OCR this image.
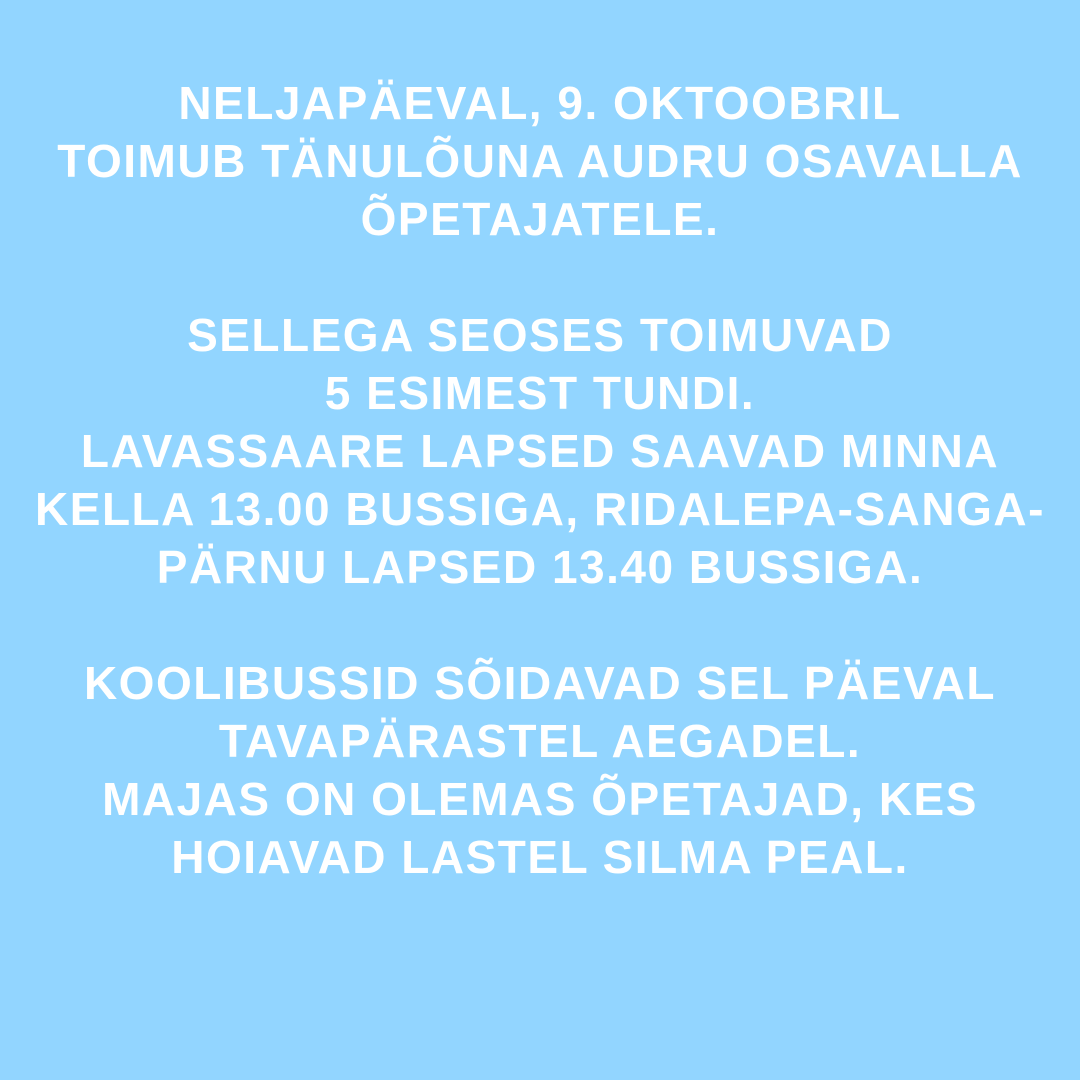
NELJAPÄEVAL, 9. OKTOOBRIL
TOIMUB TÄNULÕUNA AUDRU OSAVALLA
ÕPETAJATELE.
SELLEGA SEOSES TOIMUVAD
5 ESIMEST TUNDI.
LAVASSAARE LAPSED SAAVAD MINNA
KELLA 13.00 BUSSIGA, RIDALEPA-SANGA-
PÄRNU LAPSED 13.40 BUSSIGA.
KOOLIBUSSID SÕIDAVAD SEL PÄEVAL
TAVAPÄRASTEL AEGADEL.
MAJAS ON OLEMAS ÕPETAJAD, KES
HOIAVAD LASTEL SILMA PEAL.
